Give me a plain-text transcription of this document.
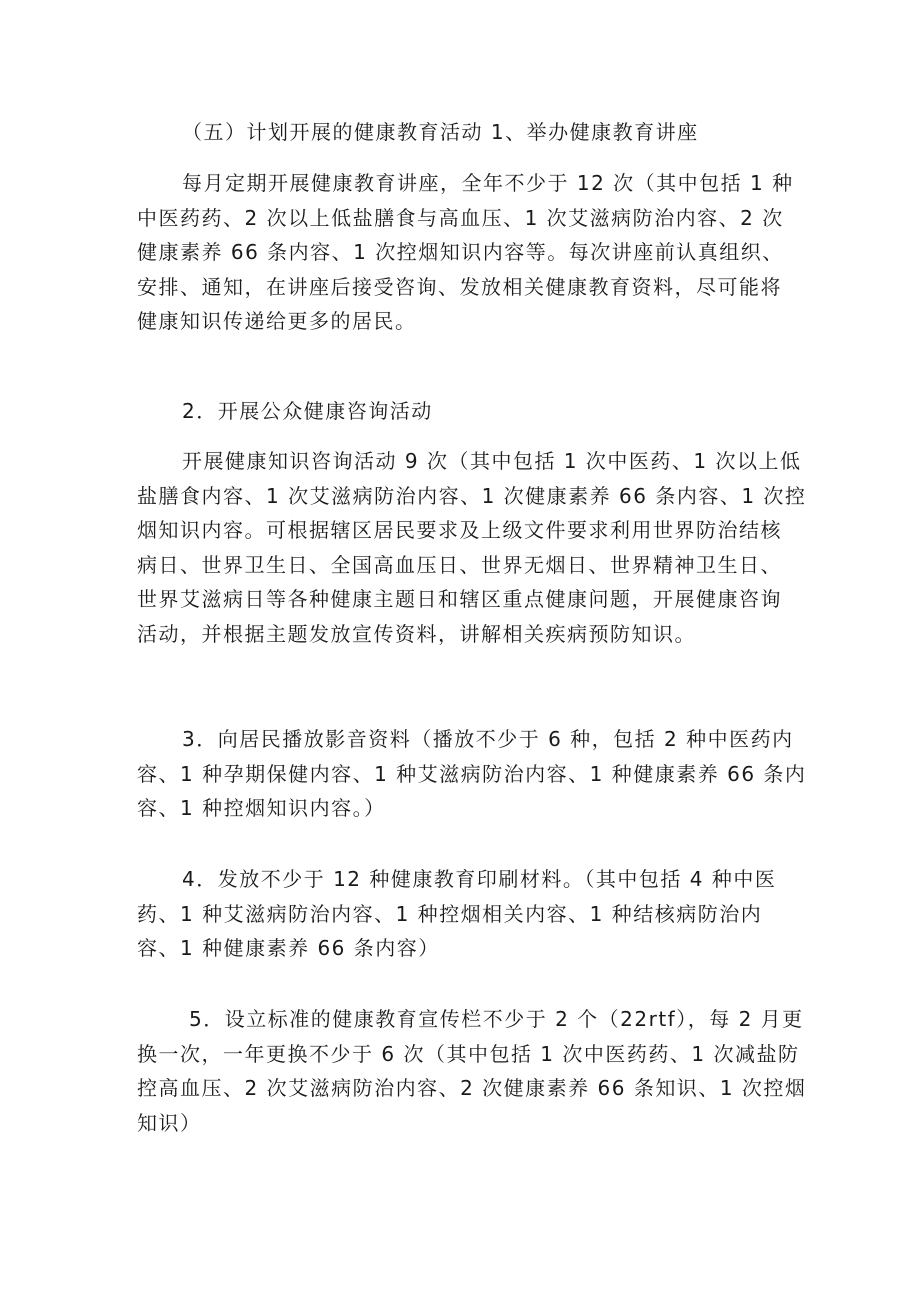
（五）计划开展的健康教育活动 1、举办健康教育讲座

每月定期开展健康教育讲座，全年不少于 12 次（其中包括 1 种
中医药药、2 次以上低盐膳食与高血压、1 次艾滋病防治内容、2 次
健康素养 66 条内容、1 次控烟知识内容等。每次讲座前认真组织、
安排、通知，在讲座后接受咨询、发放相关健康教育资料，尽可能将
健康知识传递给更多的居民。

2．开展公众健康咨询活动

开展健康知识咨询活动 9 次（其中包括 1 次中医药、1 次以上低
盐膳食内容、1 次艾滋病防治内容、1 次健康素养 66 条内容、1 次控
烟知识内容。可根据辖区居民要求及上级文件要求利用世界防治结核
病日、世界卫生日、全国高血压日、世界无烟日、世界精神卫生日、
世界艾滋病日等各种健康主题日和辖区重点健康问题，开展健康咨询
活动，并根据主题发放宣传资料，讲解相关疾病预防知识。

3．向居民播放影音资料（播放不少于 6 种，包括 2 种中医药内
容、1 种孕期保健内容、1 种艾滋病防治内容、1 种健康素养 66 条内
容、1 种控烟知识内容。）

4．发放不少于 12 种健康教育印刷材料。（其中包括 4 种中医
药、1 种艾滋病防治内容、1 种控烟相关内容、1 种结核病防治内
容、1 种健康素养 66 条内容）

5．设立标准的健康教育宣传栏不少于 2 个（22rtf），每 2 月更
换一次，一年更换不少于 6 次（其中包括 1 次中医药药、1 次减盐防
控高血压、2 次艾滋病防治内容、2 次健康素养 66 条知识、1 次控烟
知识）
